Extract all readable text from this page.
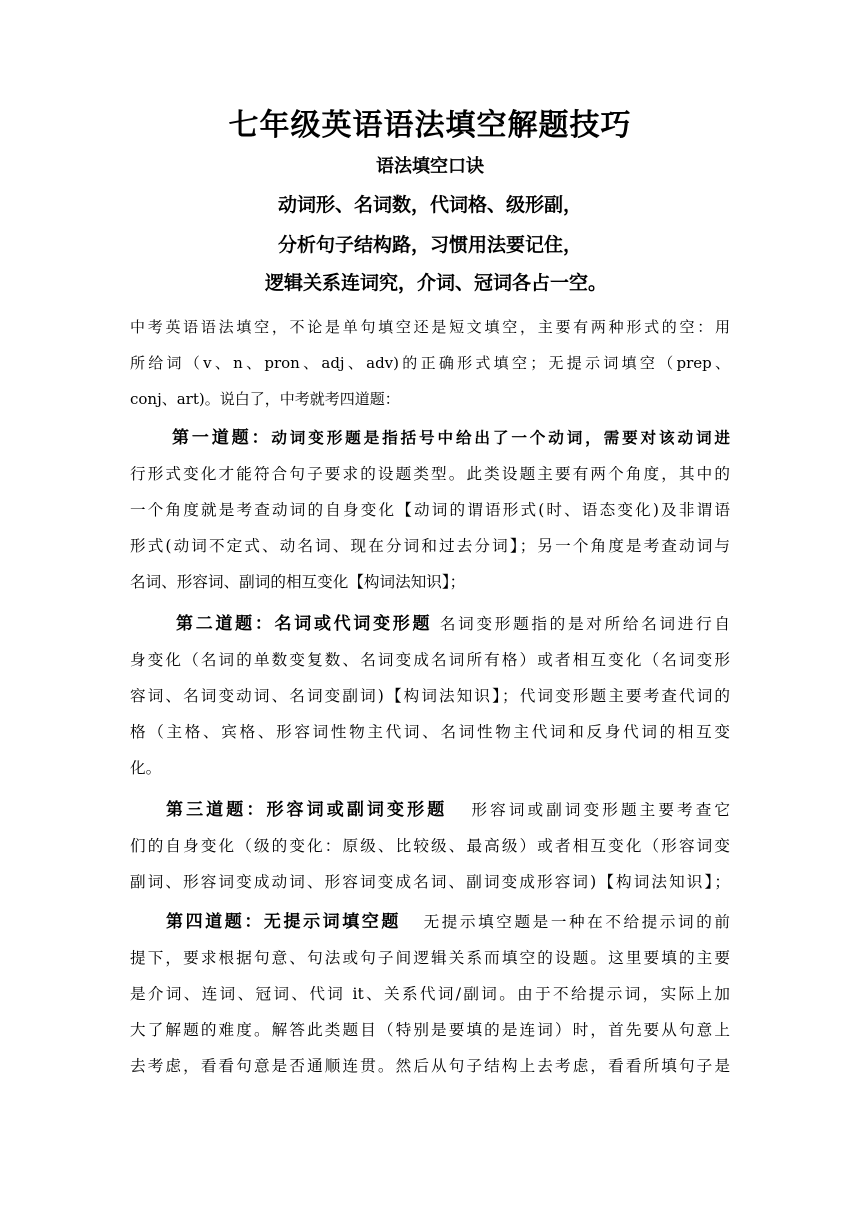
七年级英语语法填空解题技巧
语法填空口诀
动词形、名词数，代词格、级形副，
分析句子结构路，习惯用法要记住，
逻辑关系连词究，介词、冠词各占一空。
中考英语语法填空，不论是单句填空还是短文填空，主要有两种形式的空：用
所给词（v、n、pron、adj、adv)的正确形式填空；无提示词填空（prep、
conj、art)。说白了，中考就考四道题：
第一道题：动词变形题是指括号中给出了一个动词，需要对该动词进
行形式变化才能符合句子要求的设题类型。此类设题主要有两个角度，其中的
一个角度就是考查动词的自身变化【动词的谓语形式(时、语态变化)及非谓语
形式(动词不定式、动名词、现在分词和过去分词】；另一个角度是考查动词与
名词、形容词、副词的相互变化【构词法知识】；
第二道题：名词或代词变形题 名词变形题指的是对所给名词进行自
身变化（名词的单数变复数、名词变成名词所有格）或者相互变化（名词变形
容词、名词变动词、名词变副词)【构词法知识】；代词变形题主要考查代词的
格（主格、宾格、形容词性物主代词、名词性物主代词和反身代词的相互变
化。
第三道题：形容词或副词变形题 形容词或副词变形题主要考查它
们的自身变化（级的变化：原级、比较级、最高级）或者相互变化（形容词变
副词、形容词变成动词、形容词变成名词、副词变成形容词)【构词法知识】；
第四道题：无提示词填空题 无提示填空题是一种在不给提示词的前
提下，要求根据句意、句法或句子间逻辑关系而填空的设题。这里要填的主要
是介词、连词、冠词、代词 it、关系代词/副词。由于不给提示词，实际上加
大了解题的难度。解答此类题目（特别是要填的是连词）时，首先要从句意上
去考虑，看看句意是否通顺连贯。然后从句子结构上去考虑，看看所填句子是
